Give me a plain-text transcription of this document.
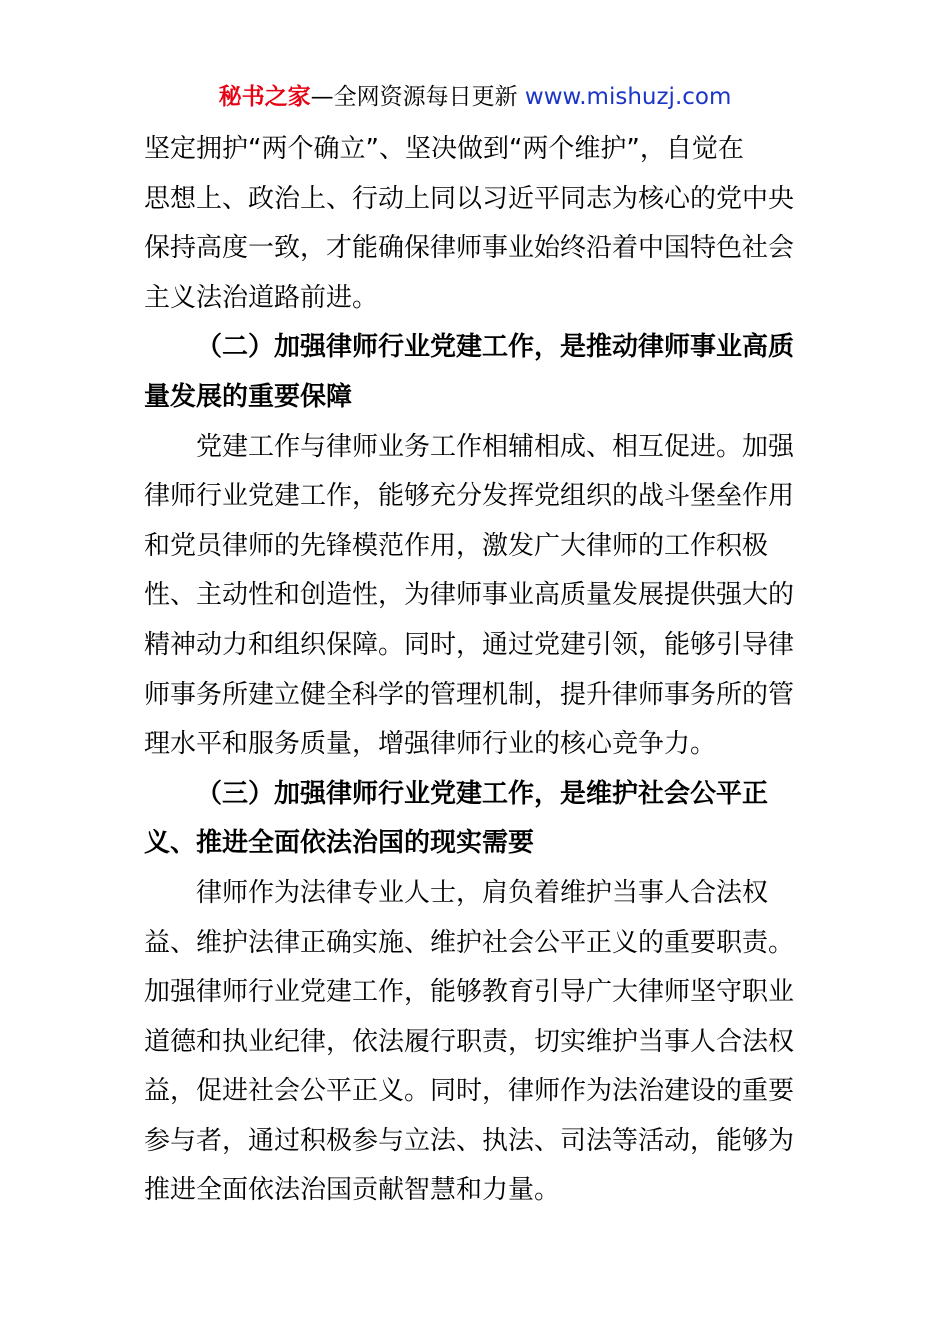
秘书之家—全网资源每日更新 www.mishuzj.com
坚定拥护“两个确立”、坚决做到“两个维护”，自觉在
思想上、政治上、行动上同以习近平同志为核心的党中央
保持高度一致，才能确保律师事业始终沿着中国特色社会
主义法治道路前进。
（二）加强律师行业党建工作，是推动律师事业高质
量发展的重要保障
党建工作与律师业务工作相辅相成、相互促进。加强
律师行业党建工作，能够充分发挥党组织的战斗堡垒作用
和党员律师的先锋模范作用，激发广大律师的工作积极
性、主动性和创造性，为律师事业高质量发展提供强大的
精神动力和组织保障。同时，通过党建引领，能够引导律
师事务所建立健全科学的管理机制，提升律师事务所的管
理水平和服务质量，增强律师行业的核心竞争力。
（三）加强律师行业党建工作，是维护社会公平正
义、推进全面依法治国的现实需要
律师作为法律专业人士，肩负着维护当事人合法权
益、维护法律正确实施、维护社会公平正义的重要职责。
加强律师行业党建工作，能够教育引导广大律师坚守职业
道德和执业纪律，依法履行职责，切实维护当事人合法权
益，促进社会公平正义。同时，律师作为法治建设的重要
参与者，通过积极参与立法、执法、司法等活动，能够为
推进全面依法治国贡献智慧和力量。
